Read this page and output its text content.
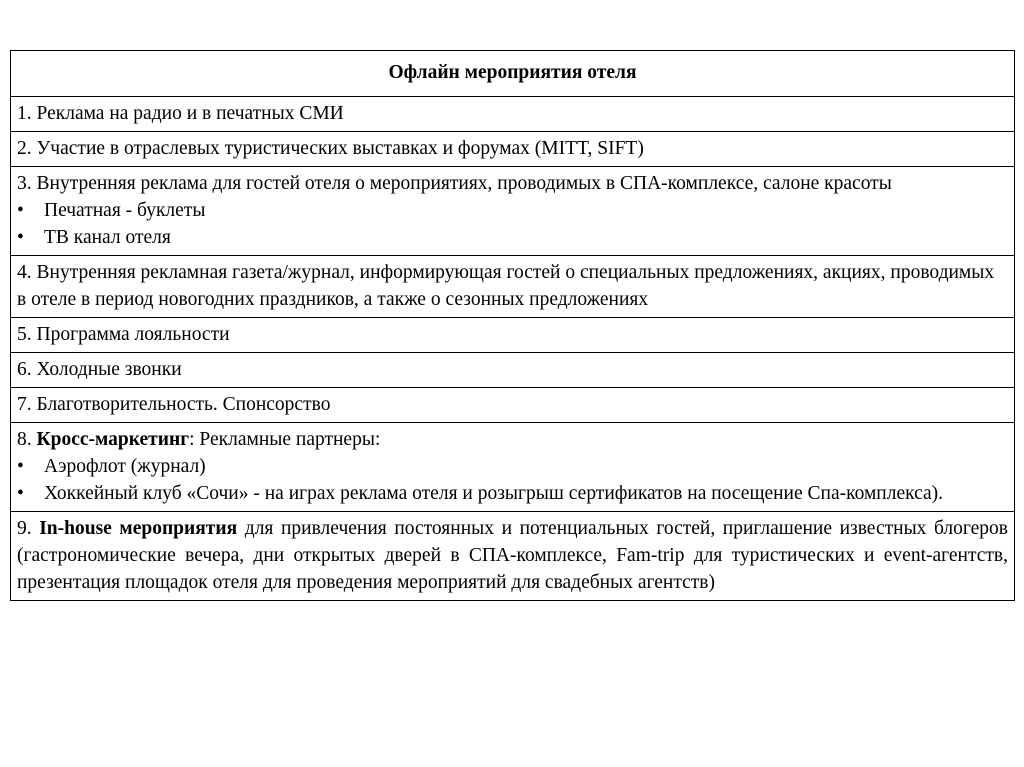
Офлайн мероприятия отеля
1. Реклама на радио и в печатных СМИ
2. Участие в отраслевых туристических выставках и форумах (MITT, SIFT)
3. Внутренняя реклама для гостей отеля о мероприятиях, проводимых в СПА-комплексе, салоне красоты
• Печатная - буклеты
• ТВ канал отеля
4. Внутренняя рекламная газета/журнал, информирующая гостей о специальных предложениях, акциях, проводимых в отеле в период новогодних праздников, а также о сезонных предложениях
5. Программа лояльности
6. Холодные звонки
7. Благотворительность. Спонсорство
8. Кросс-маркетинг: Рекламные партнеры:
• Аэрофлот (журнал)
• Хоккейный клуб «Сочи» - на играх реклама отеля и розыгрыш сертификатов на посещение Спа-комплекса).
9. In-house мероприятия для привлечения постоянных и потенциальных гостей, приглашение известных блогеров (гастрономические вечера, дни открытых дверей в СПА-комплексе, Fam-trip для туристических и event-агентств, презентация площадок отеля для проведения мероприятий для свадебных агентств)
